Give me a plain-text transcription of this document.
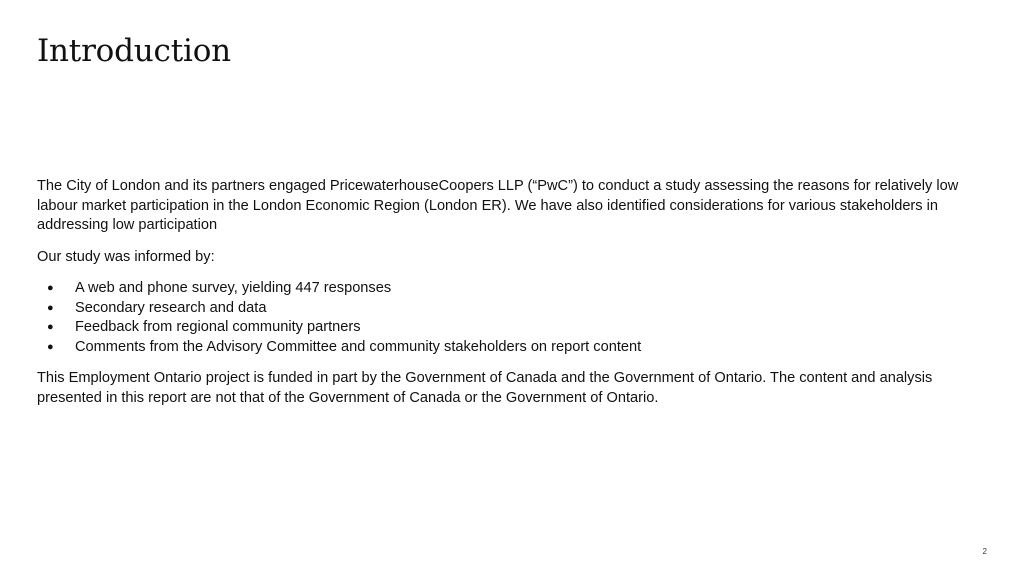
Introduction

The City of London and its partners engaged PricewaterhouseCoopers LLP (“PwC”) to conduct a study assessing the reasons for relatively low labour market participation in the London Economic Region (London ER). We have also identified considerations for various stakeholders in addressing low participation

Our study was informed by:

● A web and phone survey, yielding 447 responses
● Secondary research and data
● Feedback from regional community partners
● Comments from the Advisory Committee and community stakeholders on report content

This Employment Ontario project is funded in part by the Government of Canada and the Government of Ontario. The content and analysis presented in this report are not that of the Government of Canada or the Government of Ontario.

2
